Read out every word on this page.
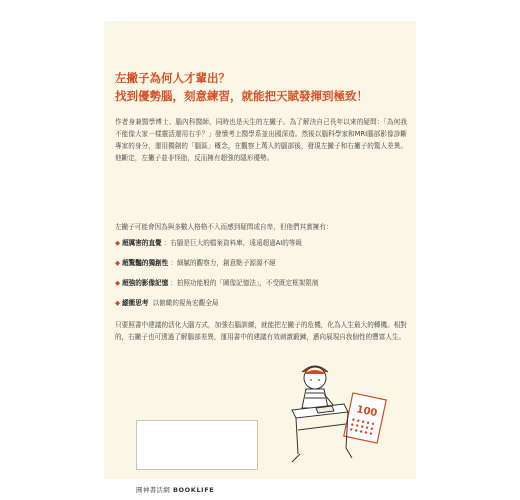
左撇子為何人才輩出？
找到優勢腦，刻意練習，就能把天賦發揮到極致！
作者身兼醫學博士、腦內科醫師，同時也是天生的左撇子。為了解決自己長年以來的疑問：「為何我不能像大家一樣靈活運用右手？」發憤考上醫學系並出國深造。然後以腦科學家和MRI腦部影像診斷專家的身分，運用獨創的「腦區」概念，在觀察上萬人的腦部後，發現左撇子和右撇子的驚人差異。他斷定，左撇子並非怪胎，反而擁有超強的隱形優勢。
左撇子可能會因為與多數人格格不入而感到疑問或自卑，但他們其實擁有：
◆ 超厲害的直覺 ：右腦是巨大的檔案資料庫，遠遠超過AI的等級
◆ 超驚豔的獨創性 ：細膩的觀察力，創意點子源源不絕
◆ 超強的影像記憶 ：拍照功能般的「圖像記憶法」，不受既定框架限制
◆ 縱衝思考 以俯瞰的視角宏觀全局
只要照書中建議的活化大腦方式，加強右腦訓練，就能把左撇子的危機，化為人生最大的轉機。相對的，右撇子也可透過了解腦部差異，運用書中的建議有效刺激鍛鍊，邁向展現自我個性的豐富人生。
100
圓神書活網 BOOKLIFE
